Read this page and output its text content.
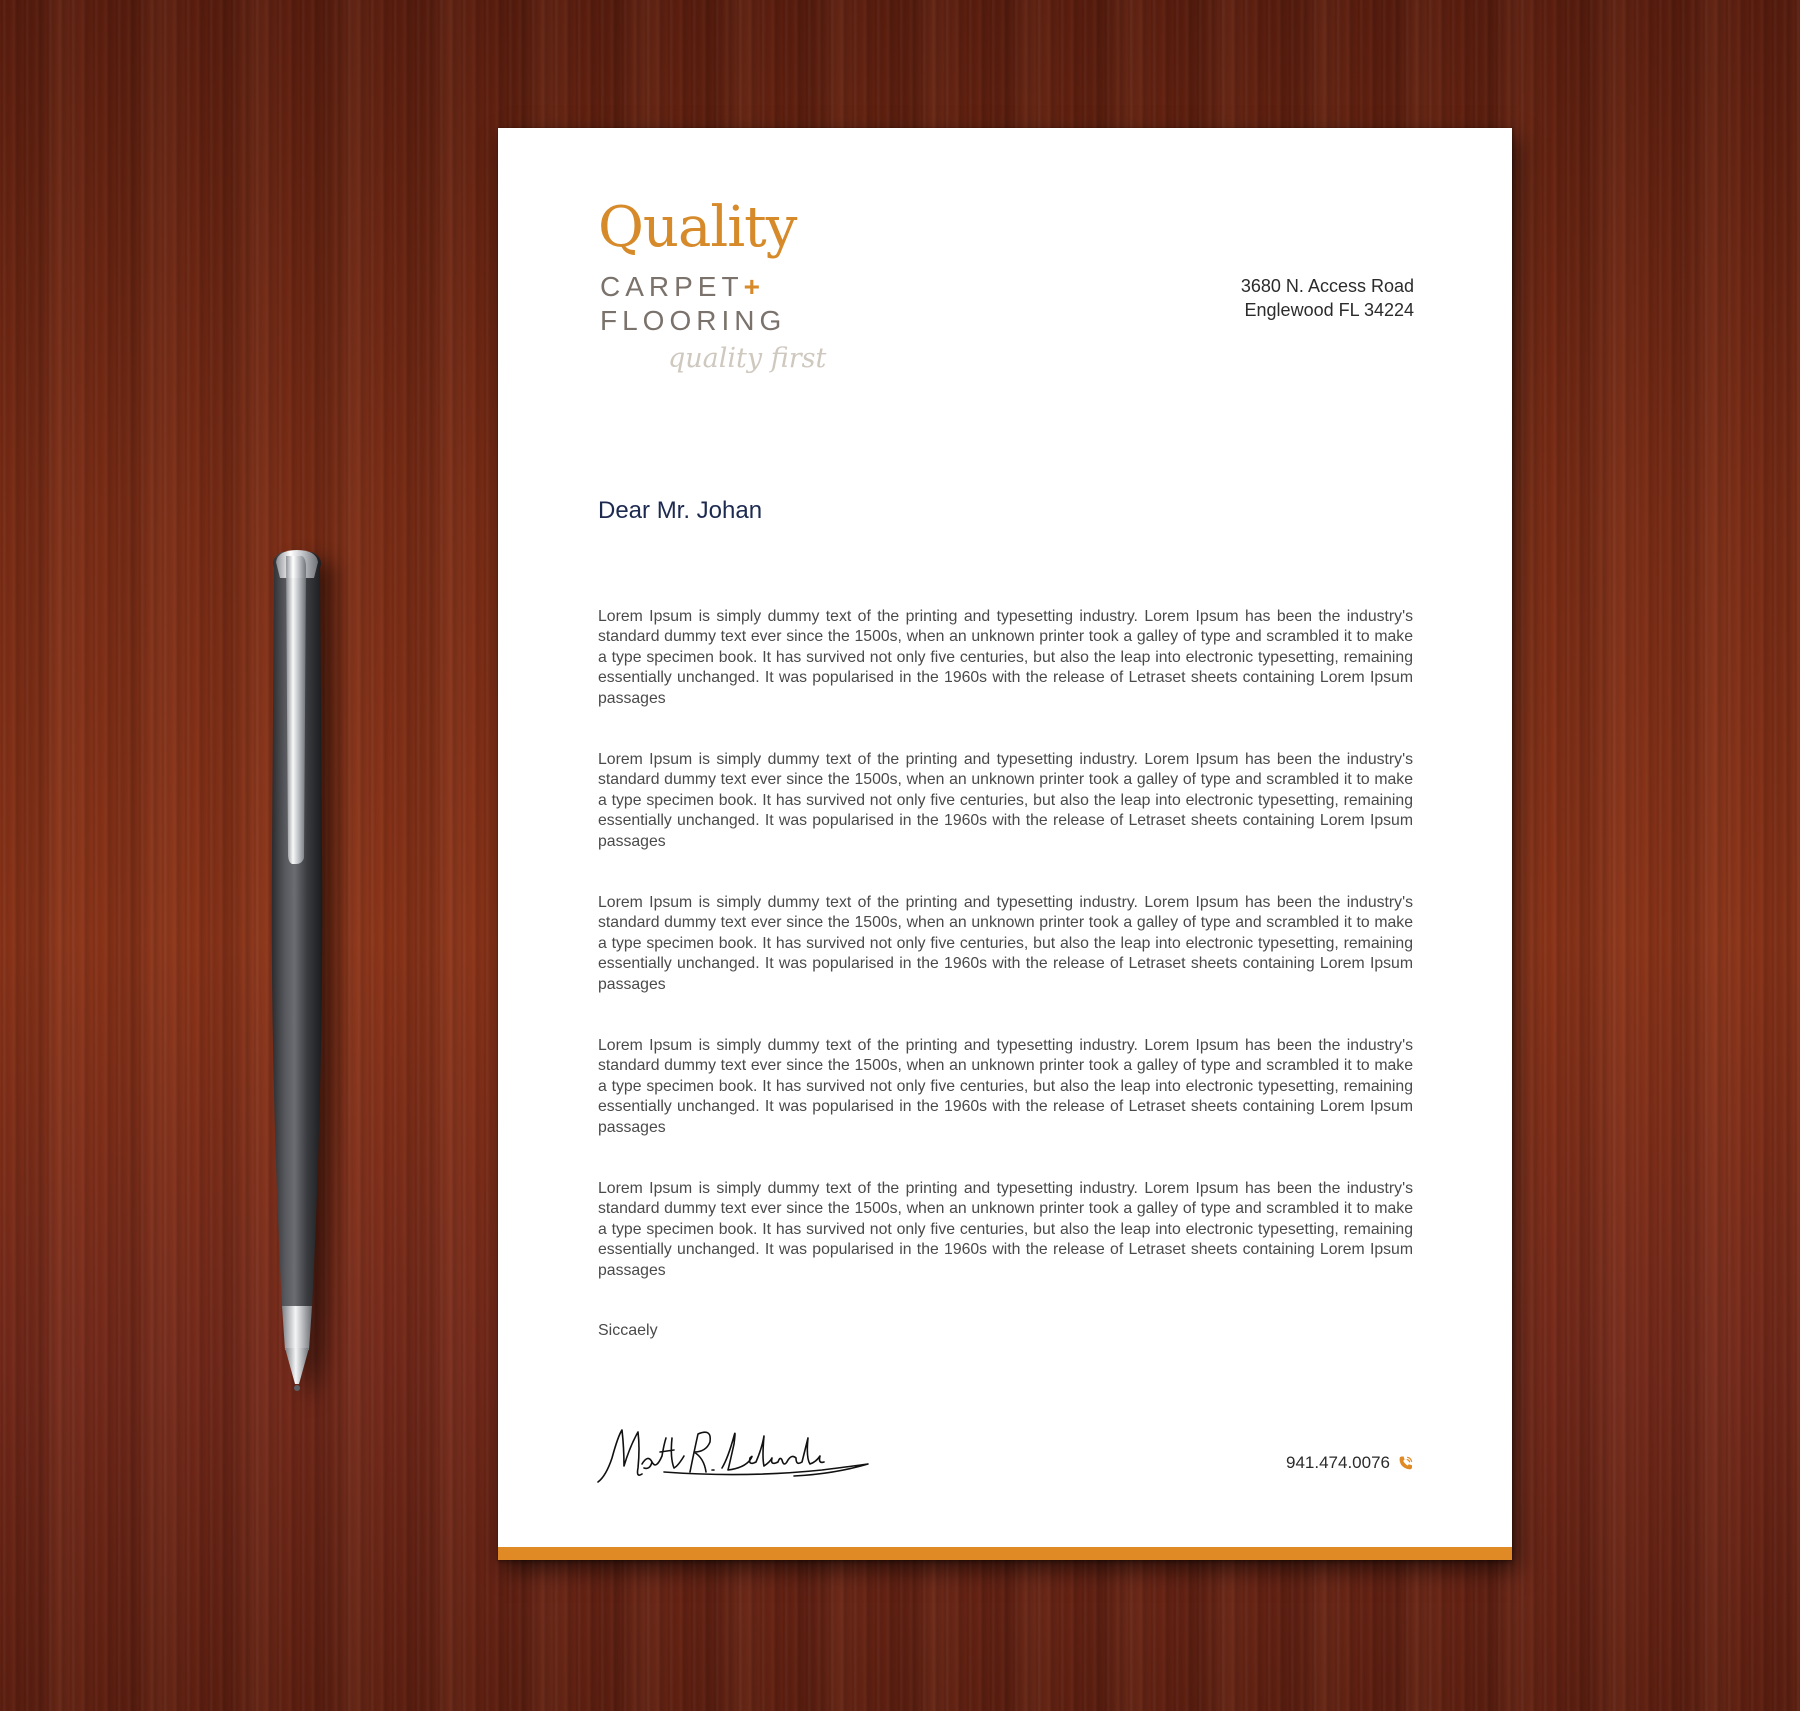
Quality
CARPET+
FLOORING
quality first
3680 N. Access Road
Englewood FL 34224
Dear Mr. Johan

Lorem Ipsum is simply dummy text of the printing and typesetting industry. Lorem Ipsum has been the industry's standard dummy text ever since the 1500s, when an unknown printer took a galley of type and scrambled it to make a type specimen book. It has survived not only five centuries, but also the leap into electronic typesetting, remaining essentially unchanged. It was popularised in the 1960s with the release of Letraset sheets containing Lorem Ipsum passages

Lorem Ipsum is simply dummy text of the printing and typesetting industry. Lorem Ipsum has been the industry's standard dummy text ever since the 1500s, when an unknown printer took a galley of type and scrambled it to make a type specimen book. It has survived not only five centuries, but also the leap into electronic typesetting, remaining essentially unchanged. It was popularised in the 1960s with the release of Letraset sheets containing Lorem Ipsum passages

Lorem Ipsum is simply dummy text of the printing and typesetting industry. Lorem Ipsum has been the industry's standard dummy text ever since the 1500s, when an unknown printer took a galley of type and scrambled it to make a type specimen book. It has survived not only five centuries, but also the leap into electronic typesetting, remaining essentially unchanged. It was popularised in the 1960s with the release of Letraset sheets containing Lorem Ipsum passages

Lorem Ipsum is simply dummy text of the printing and typesetting industry. Lorem Ipsum has been the industry's standard dummy text ever since the 1500s, when an unknown printer took a galley of type and scrambled it to make a type specimen book. It has survived not only five centuries, but also the leap into electronic typesetting, remaining essentially unchanged. It was popularised in the 1960s with the release of Letraset sheets containing Lorem Ipsum passages

Lorem Ipsum is simply dummy text of the printing and typesetting industry. Lorem Ipsum has been the industry's standard dummy text ever since the 1500s, when an unknown printer took a galley of type and scrambled it to make a type specimen book. It has survived not only five centuries, but also the leap into electronic typesetting, remaining essentially unchanged. It was popularised in the 1960s with the release of Letraset sheets containing Lorem Ipsum passages

Siccaely
941.474.0076
